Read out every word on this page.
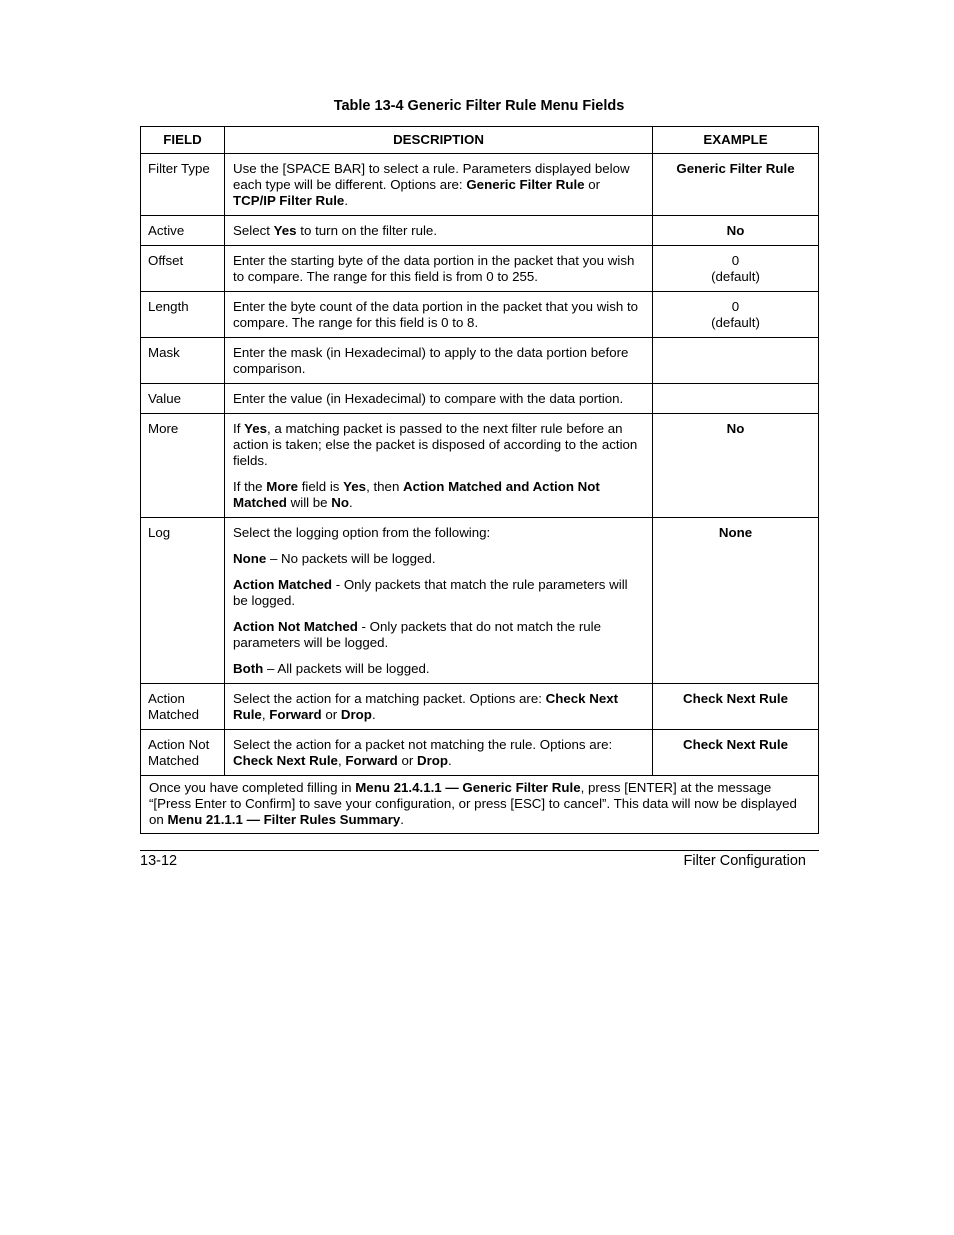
Table 13-4 Generic Filter Rule Menu Fields
FIELD	DESCRIPTION	EXAMPLE
Filter Type	Use the [SPACE BAR] to select a rule. Parameters displayed below each type will be different. Options are: Generic Filter Rule or TCP/IP Filter Rule.	Generic Filter Rule

Active	Select Yes to turn on the filter rule.	No

Offset	Enter the starting byte of the data portion in the packet that you wish to compare. The range for this field is from 0 to 255.	0
(default)

Length	Enter the byte count of the data portion in the packet that you wish to compare. The range for this field is 0 to 8.	0
(default)

Mask	Enter the mask (in Hexadecimal) to apply to the data portion before comparison.	

Value	Enter the value (in Hexadecimal) to compare with the data portion.	

More	If Yes, a matching packet is passed to the next filter rule before an action is taken; else the packet is disposed of according to the action fields.
If the More field is Yes, then Action Matched and Action Not Matched will be No.	No

Log	Select the logging option from the following:
None – No packets will be logged.
Action Matched - Only packets that match the rule parameters will be logged.
Action Not Matched - Only packets that do not match the rule parameters will be logged.
Both – All packets will be logged.	None

Action Matched	Select the action for a matching packet. Options are: Check Next Rule, Forward or Drop.	Check Next Rule

Action Not Matched	Select the action for a packet not matching the rule. Options are: Check Next Rule, Forward or Drop.	Check Next Rule

Once you have completed filling in Menu 21.4.1.1 — Generic Filter Rule, press [ENTER] at the message “[Press Enter to Confirm] to save your configuration, or press [ESC] to cancel”. This data will now be displayed on Menu 21.1.1 — Filter Rules Summary.		
13-12	Filter Configuration
